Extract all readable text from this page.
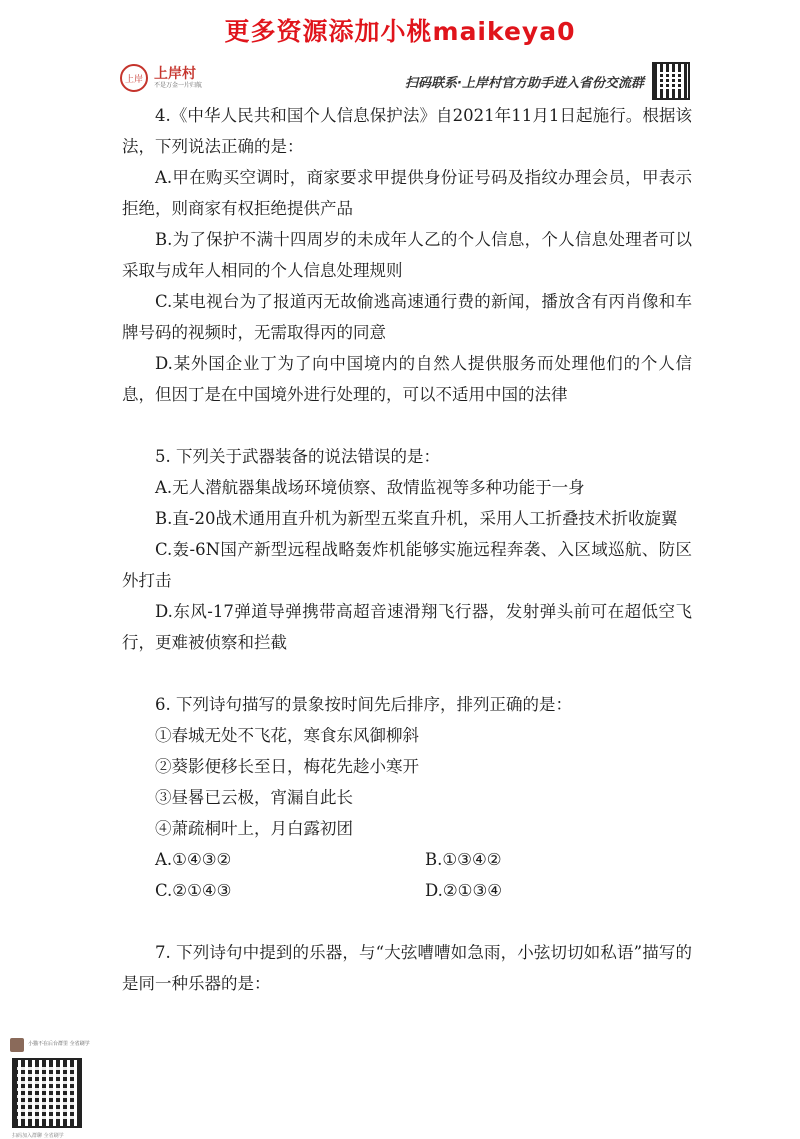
更多资源添加小桃maikeya0
上岸 上岸村
不是万金一片归航	扫码联系·上岸村官方助手进入省份交流群

4.《中华人民共和国个人信息保护法》自2021年11月1日起施行。根据该法，下列说法正确的是：

A.甲在购买空调时，商家要求甲提供身份证号码及指纹办理会员，甲表示拒绝，则商家有权拒绝提供产品

B.为了保护不满十四周岁的未成年人乙的个人信息，个人信息处理者可以采取与成年人相同的个人信息处理规则

C.某电视台为了报道丙无故偷逃高速通行费的新闻，播放含有丙肖像和车牌号码的视频时，无需取得丙的同意

D.某外国企业丁为了向中国境内的自然人提供服务而处理他们的个人信息，但因丁是在中国境外进行处理的，可以不适用中国的法律

5. 下列关于武器装备的说法错误的是：

A.无人潜航器集战场环境侦察、敌情监视等多种功能于一身

B.直-20战术通用直升机为新型五桨直升机，采用人工折叠技术折收旋翼

C.轰-6N国产新型远程战略轰炸机能够实施远程奔袭、入区域巡航、防区外打击

D.东风-17弹道导弹携带高超音速滑翔飞行器，发射弹头前可在超低空飞行，更难被侦察和拦截

6. 下列诗句描写的景象按时间先后排序，排列正确的是：

①春城无处不飞花，寒食东风御柳斜

②葵影便移长至日，梅花先趁小寒开

③昼晷已云极，宵漏自此长

④萧疏桐叶上，月白露初团

A.①④③②	B.①③④②
C.②①④③	D.②①③④

7. 下列诗句中提到的乐器，与“大弦嘈嘈如急雨，小弦切切如私语”描写的是同一种乐器的是：

小猫不在后台群里 全省刷学
扫码加入群聊 全省刷学
